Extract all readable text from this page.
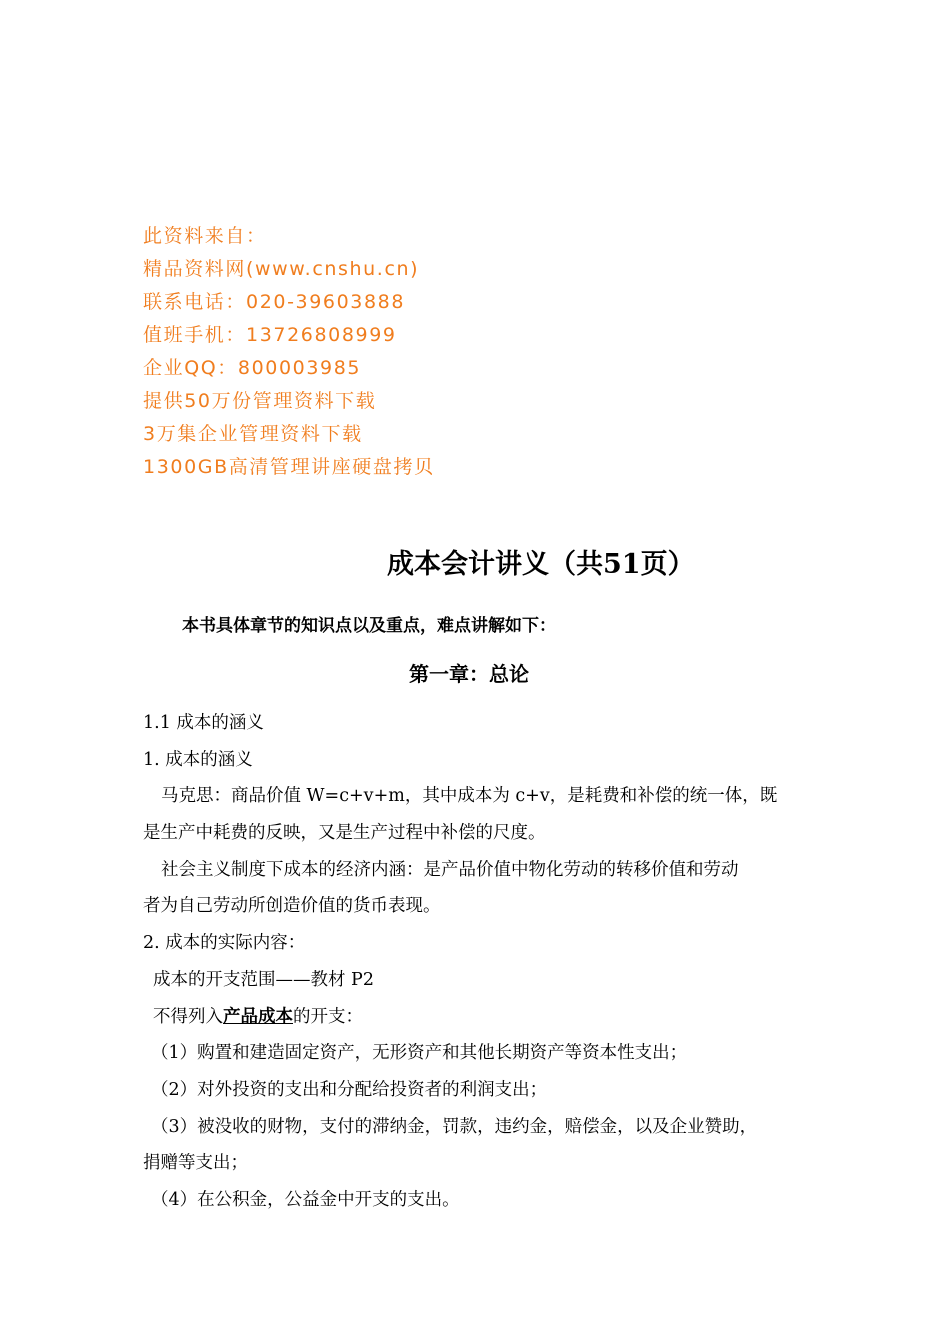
此资料来自：
精品资料网(www.cnshu.cn)
联系电话：020-39603888
值班手机：13726808999
企业QQ：800003985
提供50万份管理资料下载
3万集企业管理资料下载
1300GB高清管理讲座硬盘拷贝
成本会计讲义（共51页）
本书具体章节的知识点以及重点，难点讲解如下：
第一章：总论
1.1 成本的涵义
1. 成本的涵义
马克思：商品价值 W=c+v+m，其中成本为 c+v，是耗费和补偿的统一体，既
是生产中耗费的反映，又是生产过程中补偿的尺度。
社会主义制度下成本的经济内涵：是产品价值中物化劳动的转移价值和劳动
者为自己劳动所创造价值的货币表现。
2. 成本的实际内容：
成本的开支范围——教材 P2
不得列入产品成本的开支：
（1）购置和建造固定资产，无形资产和其他长期资产等资本性支出；
（2）对外投资的支出和分配给投资者的利润支出；
（3）被没收的财物，支付的滞纳金，罚款，违约金，赔偿金，以及企业赞助，
捐赠等支出；
（4）在公积金，公益金中开支的支出。
